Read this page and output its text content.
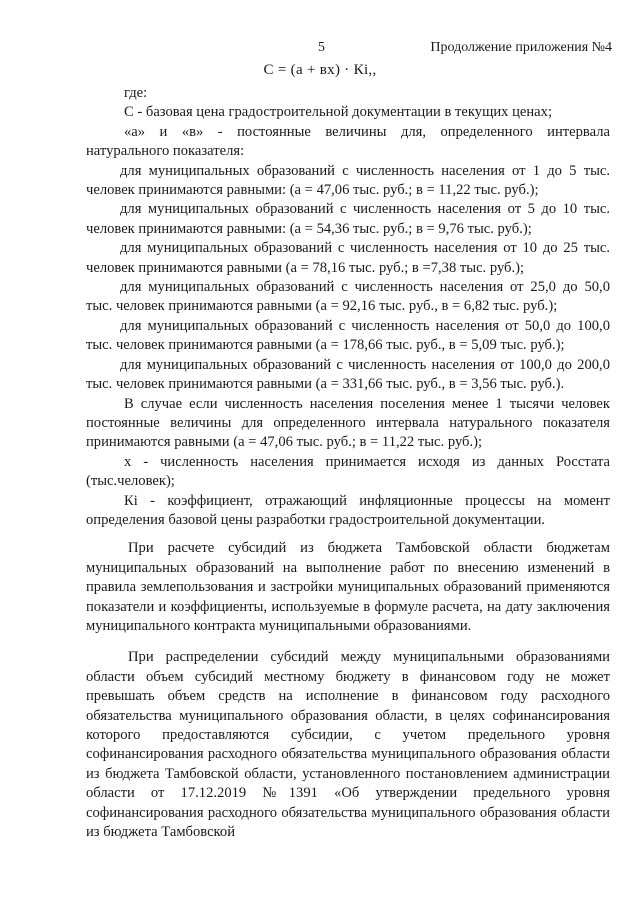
5	Продолжение приложения №4
С = (а + вх) · Кi,,

где:

С - базовая цена градостроительной документации в текущих ценах;

«а» и «в» - постоянные величины для, определенного интервала натурального показателя:

для муниципальных образований с численность населения от 1 до 5 тыс. человек принимаются равными: (а = 47,06 тыс. руб.; в = 11,22 тыс. руб.);

для муниципальных образований с численность населения от 5 до 10 тыс. человек принимаются равными: (а = 54,36 тыс. руб.; в = 9,76 тыс. руб.);

для муниципальных образований с численность населения от 10 до 25 тыс. человек принимаются равными (а = 78,16 тыс. руб.; в =7,38 тыс. руб.);

для муниципальных образований с численность населения от 25,0 до 50,0 тыс. человек принимаются равными (а = 92,16 тыс. руб., в = 6,82 тыс. руб.);

для муниципальных образований с численность населения от 50,0 до 100,0 тыс. человек принимаются равными (а = 178,66 тыс. руб., в = 5,09 тыс. руб.);

для муниципальных образований с численность населения от 100,0 до 200,0 тыс. человек принимаются равными (а = 331,66 тыс. руб., в = 3,56 тыс. руб.).

В случае если численность населения поселения менее 1 тысячи человек постоянные величины для определенного интервала натурального показателя принимаются равными (а = 47,06 тыс. руб.; в = 11,22 тыс. руб.);

х - численность населения принимается исходя из данных Росстата (тыс.человек);

Кi - коэффициент, отражающий инфляционные процессы на момент определения базовой цены разработки градостроительной документации.

При расчете субсидий из бюджета Тамбовской области бюджетам муниципальных образований на выполнение работ по внесению изменений в правила землепользования и застройки муниципальных образований применяются показатели и коэффициенты, используемые в формуле расчета, на дату заключения муниципального контракта муниципальными образованиями.

При распределении субсидий между муниципальными образованиями области объем субсидий местному бюджету в финансовом году не может превышать объем средств на исполнение в финансовом году расходного обязательства муниципального образования области, в целях софинансирования которого предоставляются субсидии, с учетом предельного уровня софинансирования расходного обязательства муниципального образования области из бюджета Тамбовской области, установленного постановлением администрации области от 17.12.2019 №1391 «Об утверждении предельного уровня софинансирования расходного обязательства муниципального образования области из бюджета Тамбовской
